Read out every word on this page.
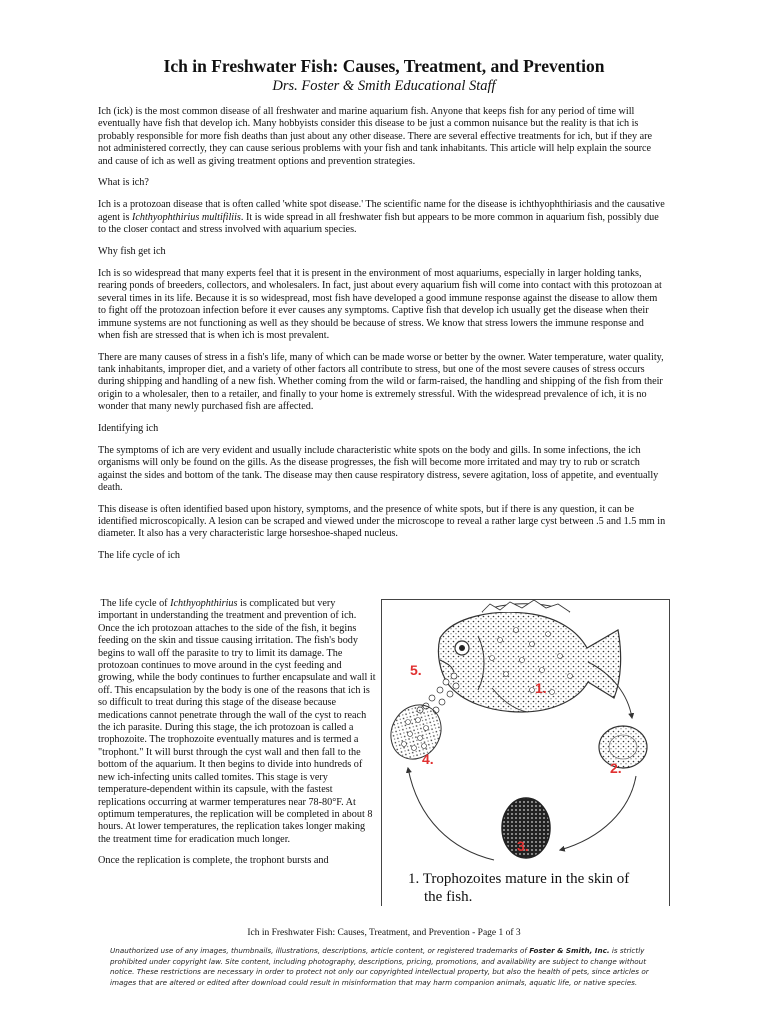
Ich in Freshwater Fish: Causes, Treatment, and Prevention
Drs. Foster & Smith Educational Staff

Ich (ick) is the most common disease of all freshwater and marine aquarium fish. Anyone that keeps fish for any period of time will eventually have fish that develop ich. Many hobbyists consider this disease to be just a common nuisance but the reality is that ich is probably responsible for more fish deaths than just about any other disease. There are several effective treatments for ich, but if they are not administered correctly, they can cause serious problems with your fish and tank inhabitants. This article will help explain the source and cause of ich as well as giving treatment options and prevention strategies.

What is ich?

Ich is a protozoan disease that is often called 'white spot disease.' The scientific name for the disease is ichthyophthiriasis and the causative agent is Ichthyophthirius multifiliis. It is wide spread in all freshwater fish but appears to be more common in aquarium fish, possibly due to the closer contact and stress involved with aquarium species.

Why fish get ich

Ich is so widespread that many experts feel that it is present in the environment of most aquariums, especially in larger holding tanks, rearing ponds of breeders, collectors, and wholesalers. In fact, just about every aquarium fish will come into contact with this protozoan at several times in its life. Because it is so widespread, most fish have developed a good immune response against the disease to allow them to fight off the protozoan infection before it ever causes any symptoms. Captive fish that develop ich usually get the disease when their immune systems are not functioning as well as they should be because of stress. We know that stress lowers the immune response and when fish are stressed that is when ich is most prevalent.

There are many causes of stress in a fish's life, many of which can be made worse or better by the owner. Water temperature, water quality, tank inhabitants, improper diet, and a variety of other factors all contribute to stress, but one of the most severe causes of stress occurs during shipping and handling of a new fish. Whether coming from the wild or farm-raised, the handling and shipping of the fish from their origin to a wholesaler, then to a retailer, and finally to your home is extremely stressful. With the widespread prevalence of ich, it is no wonder that many newly purchased fish are affected.

Identifying ich

The symptoms of ich are very evident and usually include characteristic white spots on the body and gills. In some infections, the ich organisms will only be found on the gills. As the disease progresses, the fish will become more irritated and may try to rub or scratch against the sides and bottom of the tank. The disease may then cause respiratory distress, severe agitation, loss of appetite, and eventually death.

This disease is often identified based upon history, symptoms, and the presence of white spots, but if there is any question, it can be identified microscopically. A lesion can be scraped and viewed under the microscope to reveal a rather large cyst between .5 and 1.5 mm in diameter. It also has a very characteristic large horseshoe-shaped nucleus.

The life cycle of ich

The life cycle of Ichthyophthirius is complicated but very important in understanding the treatment and prevention of ich. Once the ich protozoan attaches to the side of the fish, it begins feeding on the skin and tissue causing irritation. The fish's body begins to wall off the parasite to try to limit its damage. The protozoan continues to move around in the cyst feeding and growing, while the body continues to further encapsulate and wall it off. This encapsulation by the body is one of the reasons that ich is so difficult to treat during this stage of the disease because medications cannot penetrate through the wall of the cyst to reach the ich parasite. During this stage, the ich protozoan is called a trophozoite. The trophozoite eventually matures and is termed a "trophont." It will burst through the cyst wall and then fall to the bottom of the aquarium. It then begins to divide into hundreds of new ich-infecting units called tomites. This stage is very temperature-dependent within its capsule, with the fastest replications occurring at warmer temperatures near 78-80°F. At optimum temperatures, the replication will be completed in about 8 hours. At lower temperatures, the replication takes longer making the treatment time for eradication much longer.

Once the replication is complete, the trophont bursts and

5.
1.
2.
3.
4.
1. Trophozoites mature in the skin of
the fish.
Ich in Freshwater Fish: Causes, Treatment, and Prevention - Page 1 of 3
Unauthorized use of any images, thumbnails, illustrations, descriptions, article content, or registered trademarks of Foster & Smith, Inc. is strictly prohibited under copyright law. Site content, including photography, descriptions, pricing, promotions, and availability are subject to change without notice. These restrictions are necessary in order to protect not only our copyrighted intellectual property, but also the health of pets, since articles or images that are altered or edited after download could result in misinformation that may harm companion animals, aquatic life, or native species.
